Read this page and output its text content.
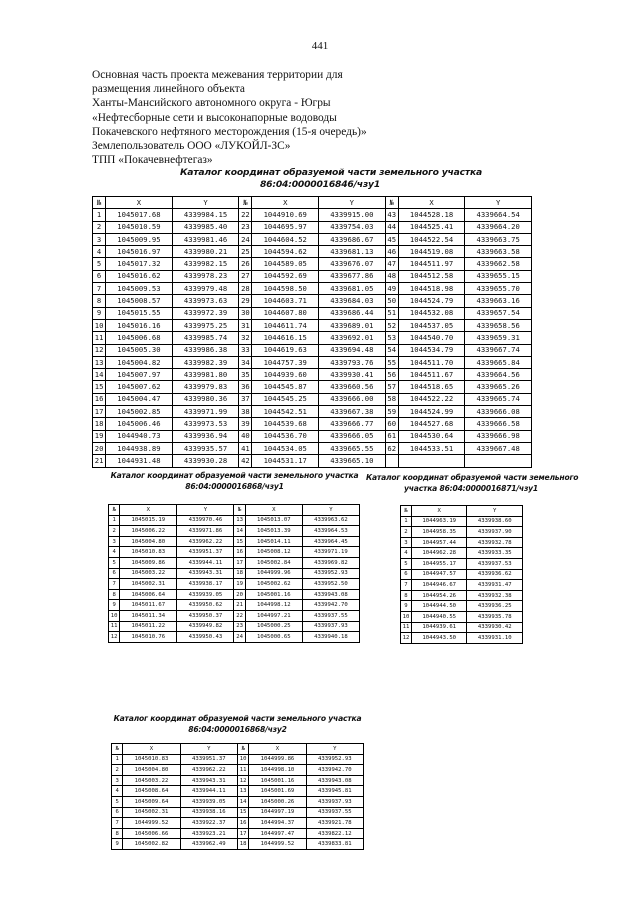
441
Основная часть проекта межевания территории для
размещения линейного объекта
Ханты-Мансийского автономного округа - Югры
«Нефтесборные сети и высоконапорные водоводы
Покачевского нефтяного месторождения (15-я очередь)»
Землепользователь ООО «ЛУКОЙЛ-ЗС»
ТПП «Покачевнефтегаз»
Каталог координат образуемой части земельного участка
86:04:0000016846/чзу1
№	X	Y	№	X	Y	№	X	Y
1	1045017.68	4339984.15	22	1044910.69	4339915.00	43	1044528.18	4339664.54
2	1045010.59	4339985.40	23	1044695.97	4339754.03	44	1044525.41	4339664.20
3	1045009.95	4339981.46	24	1044604.52	4339686.67	45	1044522.54	4339663.75
4	1045016.97	4339980.21	25	1044594.62	4339681.13	46	1044519.08	4339663.58
5	1045017.32	4339982.15	26	1044589.05	4339676.07	47	1044511.97	4339662.58
6	1045016.62	4339978.23	27	1044592.69	4339677.86	48	1044512.58	4339655.15
7	1045009.53	4339979.48	28	1044598.50	4339681.05	49	1044518.98	4339655.70
8	1045008.57	4339973.63	29	1044603.71	4339684.03	50	1044524.79	4339663.16
9	1045015.55	4339972.39	30	1044607.80	4339686.44	51	1044532.08	4339657.54
10	1045016.16	4339975.25	31	1044611.74	4339689.01	52	1044537.05	4339658.56
11	1045006.68	4339985.74	32	1044616.15	4339692.01	53	1044540.70	4339659.31
12	1045005.30	4339986.38	33	1044619.63	4339694.48	54	1044534.79	4339667.74
13	1045004.82	4339982.39	34	1044757.39	4339793.76	55	1044511.70	4339665.84
14	1045007.97	4339981.80	35	1044939.60	4339930.41	56	1044511.67	4339664.56
15	1045007.62	4339979.83	36	1044545.87	4339660.56	57	1044518.65	4339665.26
16	1045004.47	4339980.36	37	1044545.25	4339666.00	58	1044522.22	4339665.74
17	1045002.85	4339971.99	38	1044542.51	4339667.38	59	1044524.99	4339666.08
18	1045006.46	4339973.53	39	1044539.68	4339666.77	60	1044527.68	4339666.58
19	1044940.73	4339936.94	40	1044536.70	4339666.05	61	1044530.64	4339666.98
20	1044938.89	4339935.57	41	1044534.05	4339665.55	62	1044533.51	4339667.48
21	1044931.48	4339930.28	42	1044531.17	4339665.10			
Каталог координат образуемой части земельного участка
86:04:0000016868/чзу1
№	X	Y	№	X	Y
1	1045015.19	4339970.46	13	1045013.07	4339963.62
2	1045006.22	4339971.86	14	1045013.39	4339964.53
3	1045004.80	4339962.22	15	1045014.11	4339964.45
4	1045010.83	4339951.37	16	1045008.12	4339971.19
5	1045009.86	4339944.11	17	1045002.84	4339969.82
6	1045003.22	4339943.31	18	1044999.96	4339952.93
7	1045002.31	4339938.17	19	1045002.62	4339952.50
8	1045006.64	4339939.05	20	1045001.16	4339943.08
9	1045011.67	4339950.62	21	1044998.12	4339942.70
10	1045011.34	4339950.37	22	1044997.21	4339937.55
11	1045011.22	4339949.82	23	1045000.25	4339937.93
12	1045010.76	4339950.43	24	1045000.65	4339940.18
Каталог координат образуемой части земельного
участка 86:04:0000016871/чзу1
№	X	Y
1	1044963.19	4339938.60
2	1044958.35	4339937.90
3	1044957.44	4339932.78
4	1044962.28	4339933.35
5	1044955.17	4339937.53
6	1044947.57	4339936.62
7	1044946.67	4339931.47
8	1044954.26	4339932.38
9	1044944.50	4339936.25
10	1044940.55	4339935.78
11	1044939.61	4339930.42
12	1044943.50	4339931.10
Каталог координат образуемой части земельного участка
86:04:0000016868/чзу2
№	X	Y	№	X	Y
1	1045010.83	4339951.37	10	1044999.86	4339952.93
2	1045004.80	4339962.22	11	1044998.10	4339942.70
3	1045003.22	4339943.31	12	1045001.16	4339943.08
4	1045008.64	4339944.11	13	1045001.69	4339945.81
5	1045009.64	4339939.05	14	1045000.26	4339937.93
6	1045002.31	4339938.16	15	1044997.19	4339937.55
7	1044999.52	4339922.37	16	1044994.37	4339921.78
8	1045006.66	4339923.21	17	1044997.47	4339822.12
9	1045002.82	4339962.49	18	1044999.52	4339833.81
